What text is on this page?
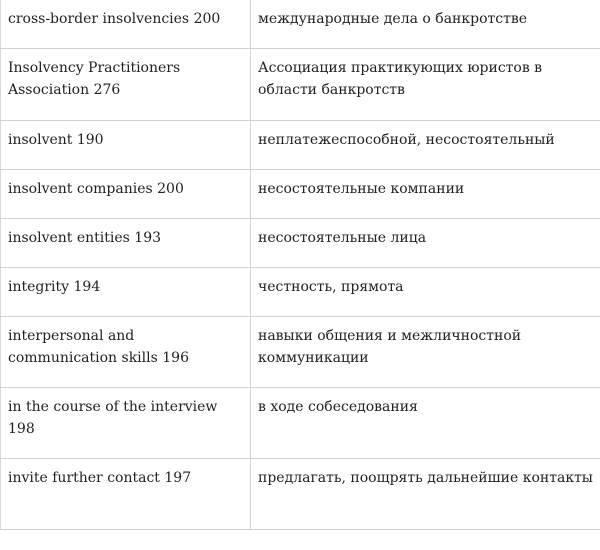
cross-border insolvencies 200	международные дела о банкротстве
Insolvency Practitioners Association 276	Ассоциация практикующих юристов в области банкротств
insolvent 190	неплатежеспособной, несостоятельный
insolvent companies 200	несостоятельные компании
insolvent entities 193	несостоятельные лица
integrity 194	честность, прямота
interpersonal and communication skills 196	навыки общения и межличностной коммуникации
in the course of the interview 198	в ходе собеседования
invite further contact 197	предлагать, поощрять дальнейшие контакты
